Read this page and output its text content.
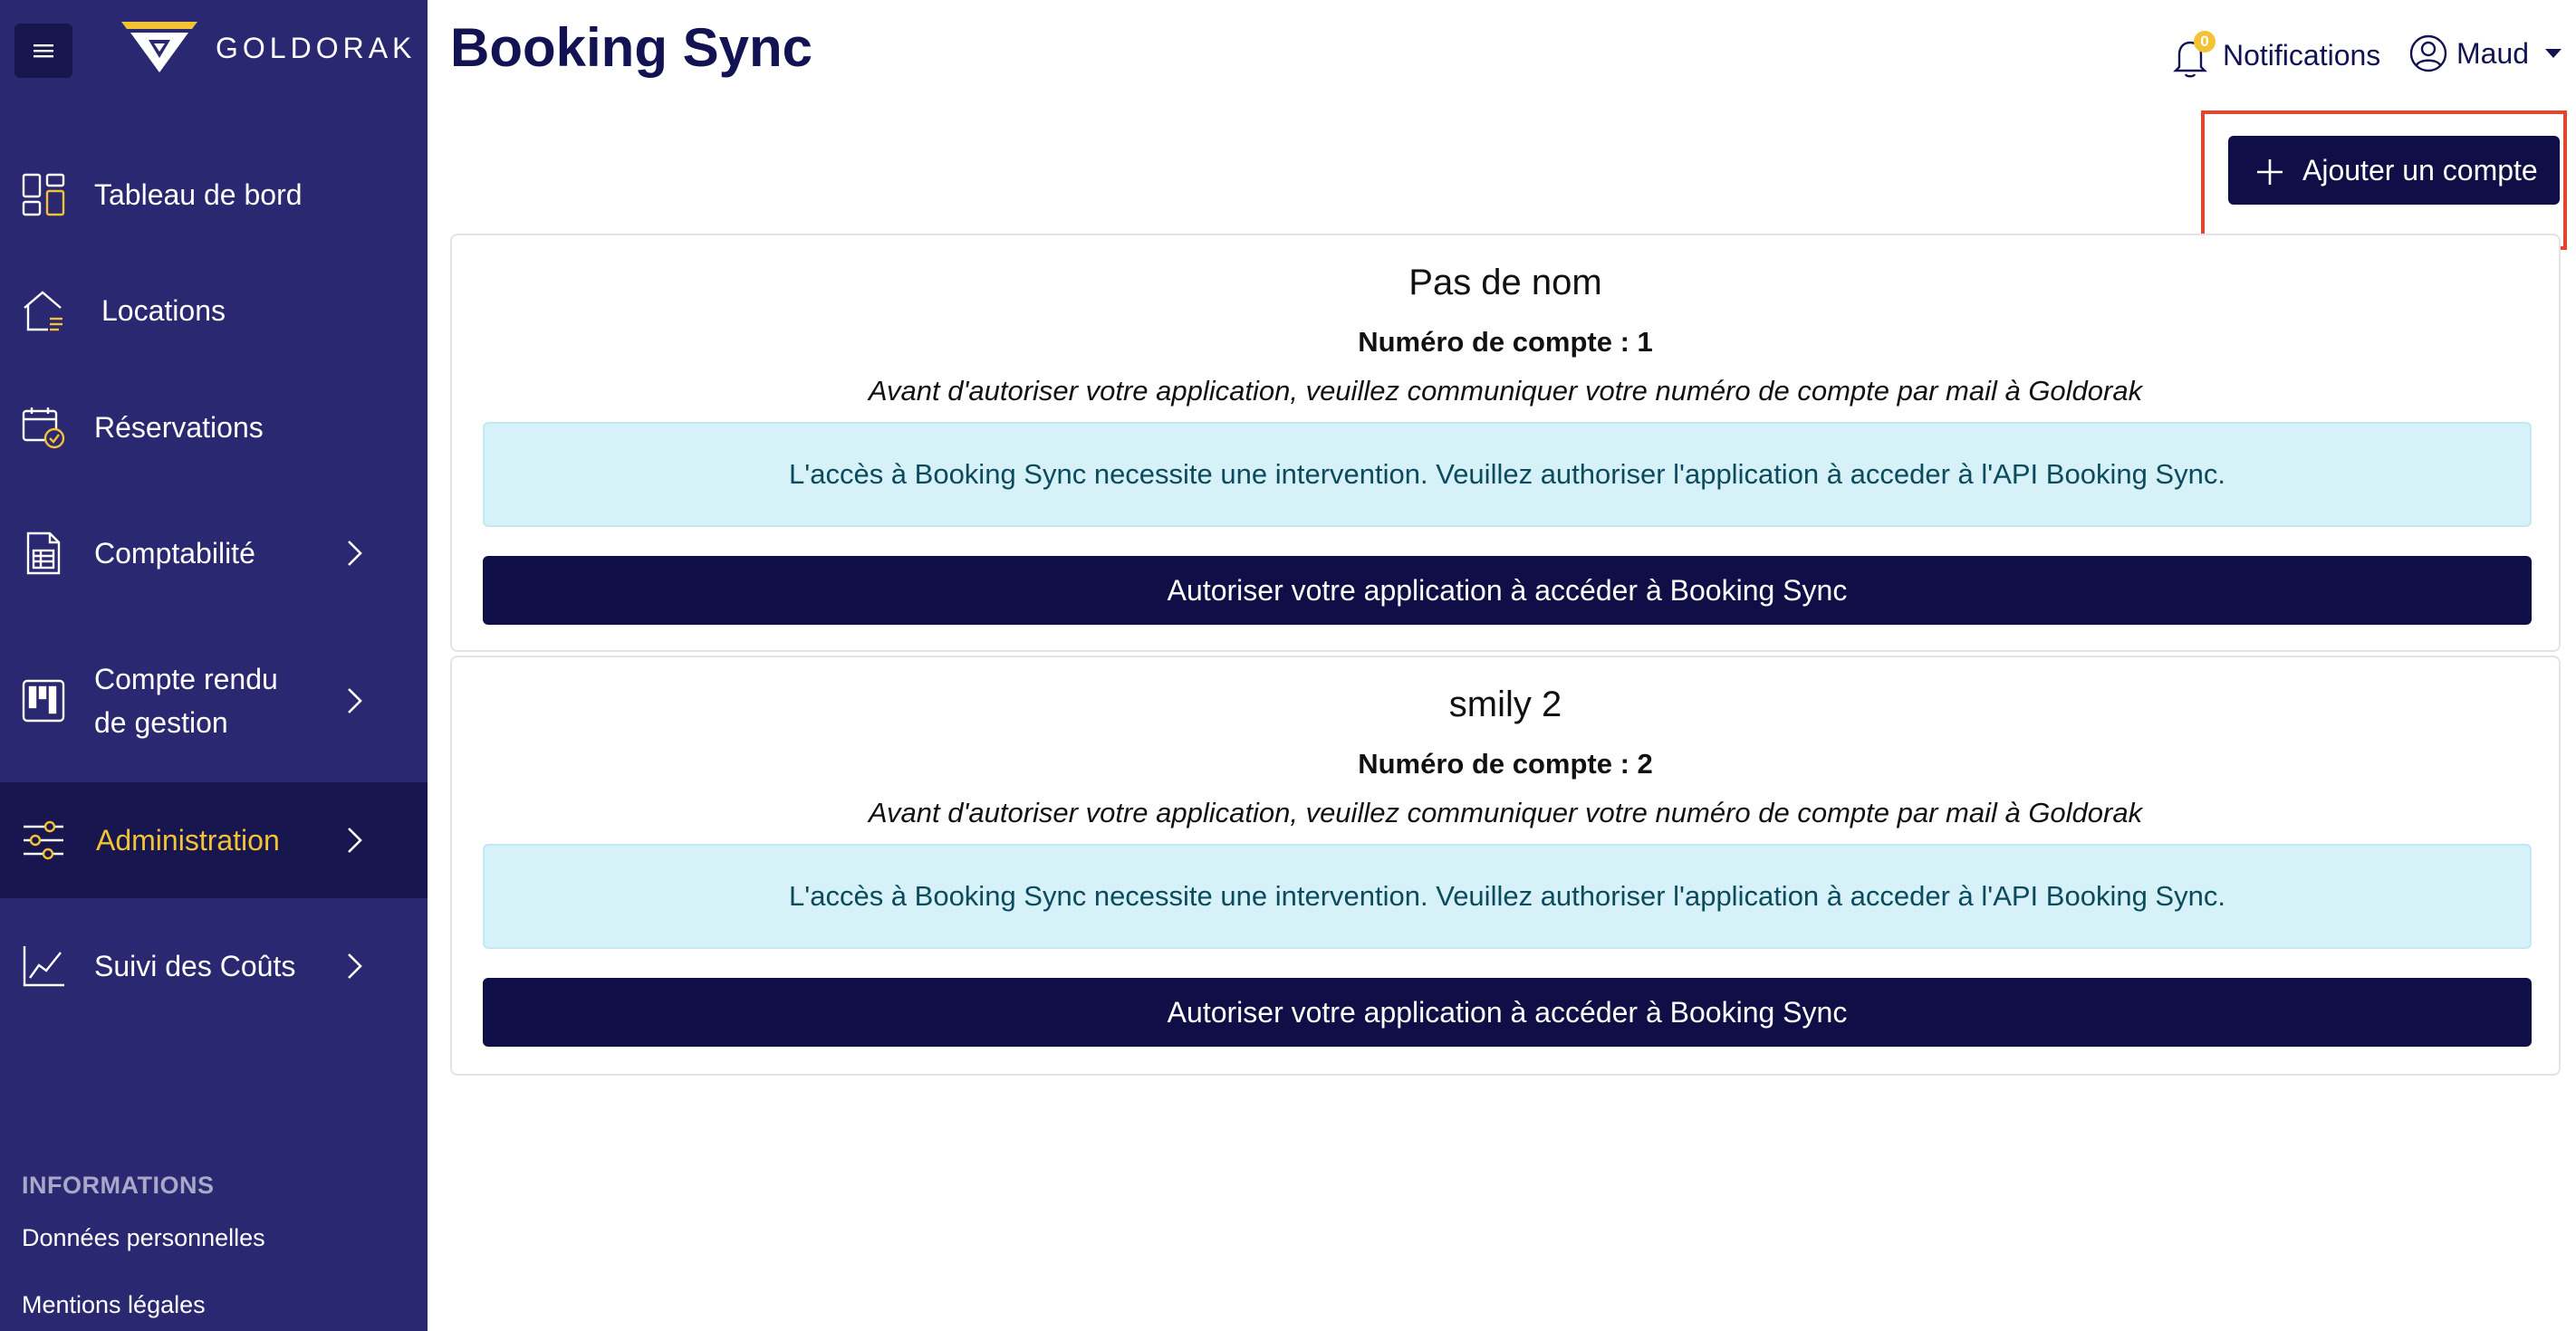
GOLDORAK
Tableau de bord
Locations
Réservations
Comptabilité
Compte rendu
de gestion
Administration
Suivi des Coûts
INFORMATIONS
Données personnelles
Mentions légales
Booking Sync	0 Notifications	Maud
Ajouter un compte
Pas de nom
Numéro de compte : 1
Avant d'autoriser votre application, veuillez communiquer votre numéro de compte par mail à Goldorak
L'accès à Booking Sync necessite une intervention. Veuillez authoriser l'application à acceder à l'API Booking Sync.
Autoriser votre application à accéder à Booking Sync
smily 2
Numéro de compte : 2
Avant d'autoriser votre application, veuillez communiquer votre numéro de compte par mail à Goldorak
L'accès à Booking Sync necessite une intervention. Veuillez authoriser l'application à acceder à l'API Booking Sync.
Autoriser votre application à accéder à Booking Sync
